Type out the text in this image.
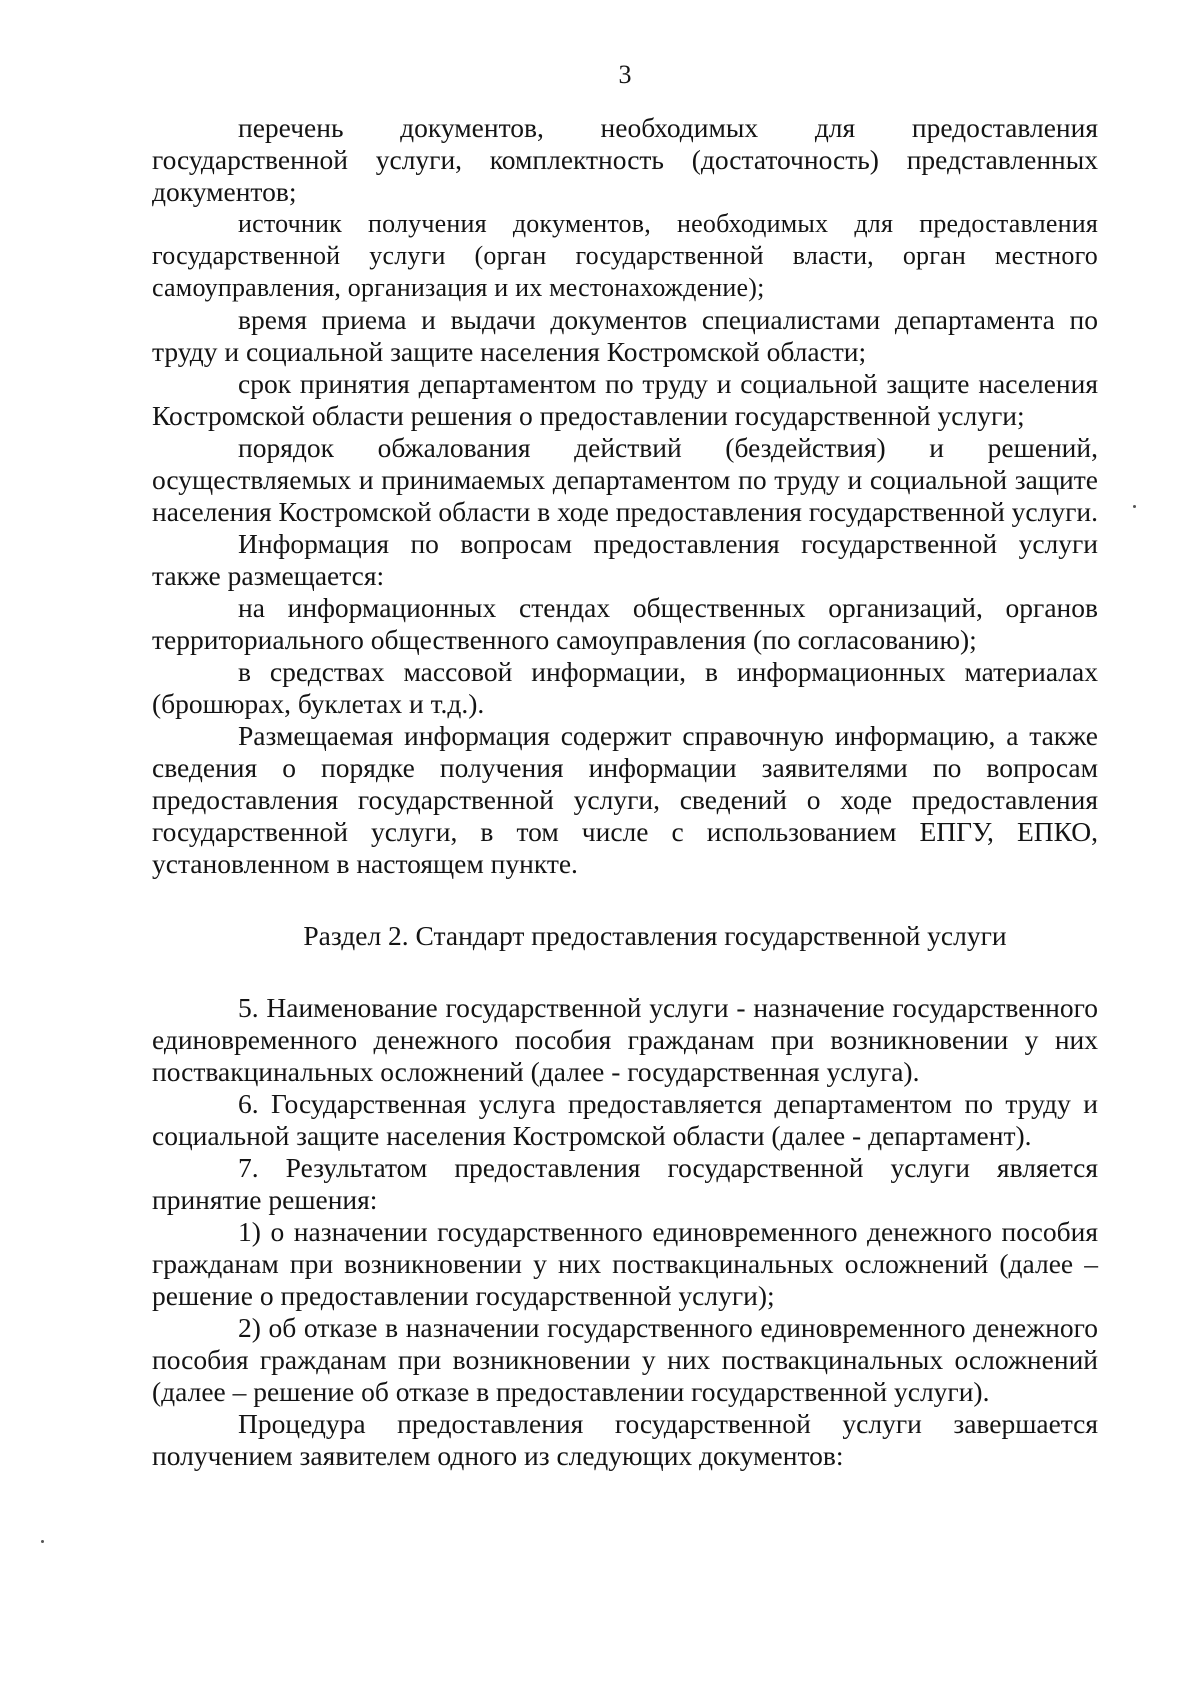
3

перечень документов, необходимых для предоставления государственной услуги, комплектность (достаточность) представленных документов;

источник получения документов, необходимых для предоставления государственной услуги (орган государственной власти, орган местного самоуправления, организация и их местонахождение);

время приема и выдачи документов специалистами департамента по труду и социальной защите населения Костромской области;

срок принятия департаментом по труду и социальной защите населения Костромской области решения о предоставлении государственной услуги;

порядок обжалования действий (бездействия) и решений, осуществляемых и принимаемых департаментом по труду и социальной защите населения Костромской области в ходе предоставления государственной услуги.

Информация по вопросам предоставления государственной услуги также размещается:

на информационных стендах общественных организаций, органов территориального общественного самоуправления (по согласованию);

в средствах массовой информации, в информационных материалах (брошюрах, буклетах и т.д.).

Размещаемая информация содержит справочную информацию, а также сведения о порядке получения информации заявителями по вопросам предоставления государственной услуги, сведений о ходе предоставления государственной услуги, в том числе с использованием ЕПГУ, ЕПКО, установленном в настоящем пункте.

Раздел 2. Стандарт предоставления государственной услуги

5. Наименование государственной услуги - назначение государственного единовременного денежного пособия гражданам при возникновении у них поствакцинальных осложнений (далее - государственная услуга).

6. Государственная услуга предоставляется департаментом по труду и социальной защите населения Костромской области (далее - департамент).

7. Результатом предоставления государственной услуги является принятие решения:

1) о назначении государственного единовременного денежного пособия гражданам при возникновении у них поствакцинальных осложнений (далее – решение о предоставлении государственной услуги);

2) об отказе в назначении государственного единовременного денежного пособия гражданам при возникновении у них поствакцинальных осложнений (далее – решение об отказе в предоставлении государственной услуги).

Процедура предоставления государственной услуги завершается получением заявителем одного из следующих документов:
